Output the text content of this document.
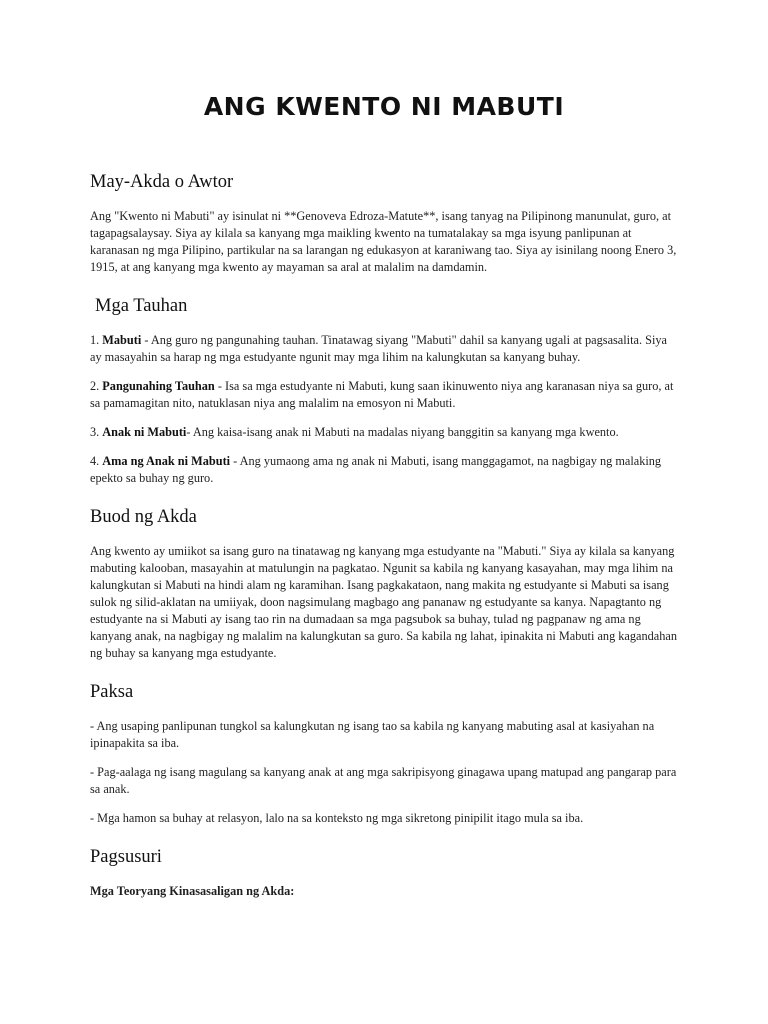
ANG KWENTO NI MABUTI
May-Akda o Awtor

Ang "Kwento ni Mabuti" ay isinulat ni **Genoveva Edroza-Matute**, isang tanyag na Pilipinong manunulat, guro, at tagapagsalaysay. Siya ay kilala sa kanyang mga maikling kwento na tumatalakay sa mga isyung panlipunan at karanasan ng mga Pilipino, partikular na sa larangan ng edukasyon at karaniwang tao. Siya ay isinilang noong Enero 3, 1915, at ang kanyang mga kwento ay mayaman sa aral at malalim na damdamin.

Mga Tauhan

1. Mabuti - Ang guro ng pangunahing tauhan. Tinatawag siyang "Mabuti" dahil sa kanyang ugali at pagsasalita. Siya ay masayahin sa harap ng mga estudyante ngunit may mga lihim na kalungkutan sa kanyang buhay.

2. Pangunahing Tauhan - Isa sa mga estudyante ni Mabuti, kung saan ikinuwento niya ang karanasan niya sa guro, at sa pamamagitan nito, natuklasan niya ang malalim na emosyon ni Mabuti.

3. Anak ni Mabuti- Ang kaisa-isang anak ni Mabuti na madalas niyang banggitin sa kanyang mga kwento.

4. Ama ng Anak ni Mabuti - Ang yumaong ama ng anak ni Mabuti, isang manggagamot, na nagbigay ng malaking epekto sa buhay ng guro.

Buod ng Akda

Ang kwento ay umiikot sa isang guro na tinatawag ng kanyang mga estudyante na "Mabuti." Siya ay kilala sa kanyang mabuting kalooban, masayahin at matulungin na pagkatao. Ngunit sa kabila ng kanyang kasayahan, may mga lihim na kalungkutan si Mabuti na hindi alam ng karamihan. Isang pagkakataon, nang makita ng estudyante si Mabuti sa isang sulok ng silid-aklatan na umiiyak, doon nagsimulang magbago ang pananaw ng estudyante sa kanya. Napagtanto ng estudyante na si Mabuti ay isang tao rin na dumadaan sa mga pagsubok sa buhay, tulad ng pagpanaw ng ama ng kanyang anak, na nagbigay ng malalim na kalungkutan sa guro. Sa kabila ng lahat, ipinakita ni Mabuti ang kagandahan ng buhay sa kanyang mga estudyante.

Paksa

- Ang usaping panlipunan tungkol sa kalungkutan ng isang tao sa kabila ng kanyang mabuting asal at kasiyahan na ipinapakita sa iba.

- Pag-aalaga ng isang magulang sa kanyang anak at ang mga sakripisyong ginagawa upang matupad ang pangarap para sa anak.

- Mga hamon sa buhay at relasyon, lalo na sa konteksto ng mga sikretong pinipilit itago mula sa iba.

Pagsusuri

Mga Teoryang Kinasasaligan ng Akda:
